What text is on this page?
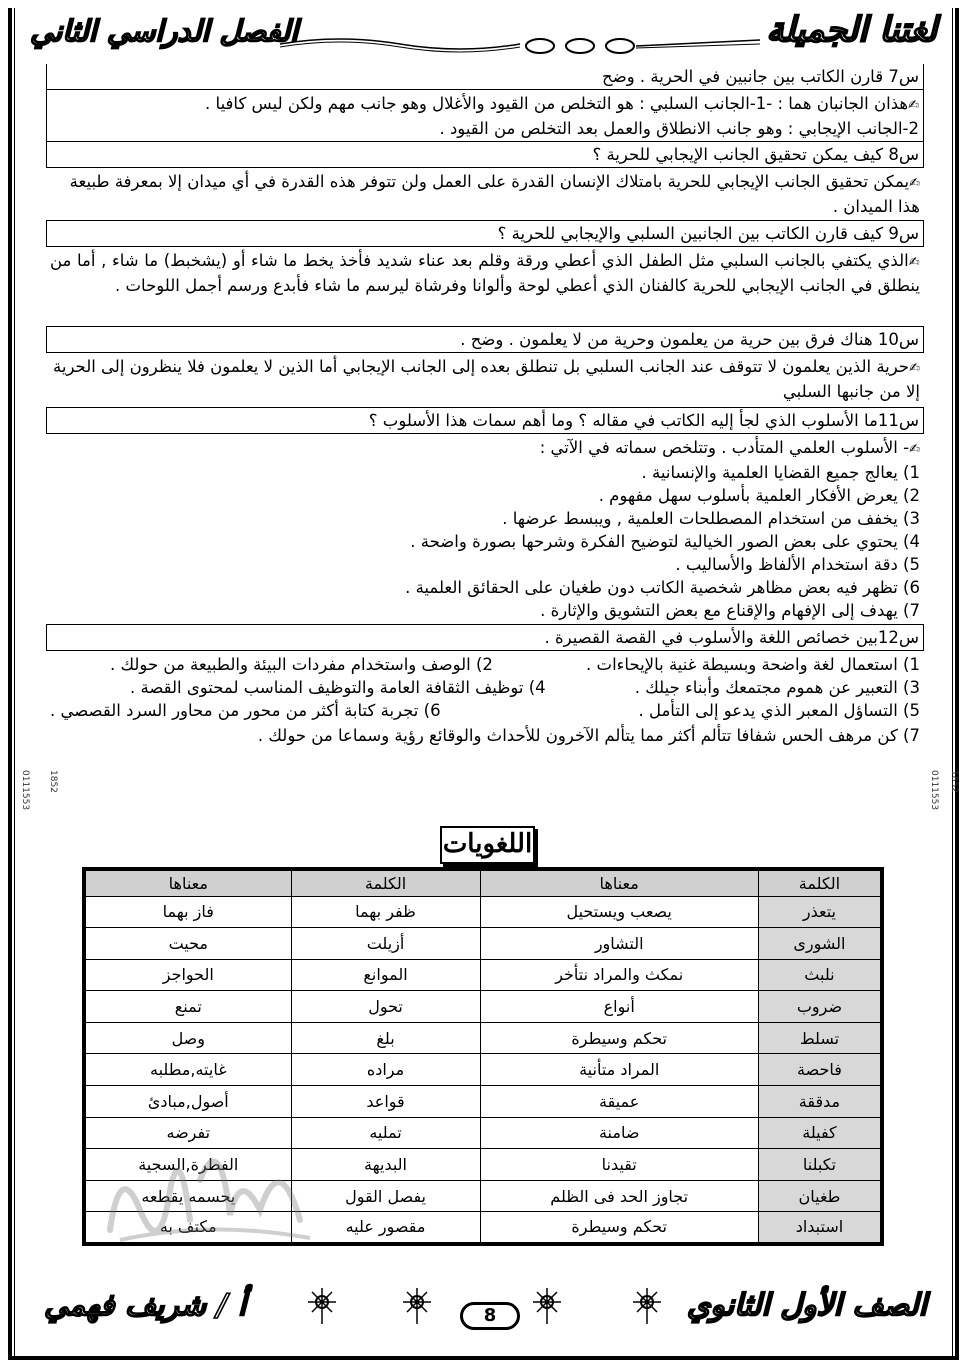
لغتنا الجميلة
الفصل الدراسي الثاني
0111553 1852	0111553 1852
س7 قارن الكاتب بين جانبين في الحرية . وضح

✍هذان الجانبان هما : -1-الجانب السلبي : هو التخلص من القيود والأغلال وهو جانب مهم ولكن ليس كافيا .

2-الجانب الإيجابي : وهو جانب الانطلاق والعمل بعد التخلص من القيود .

س8 كيف يمكن تحقيق الجانب الإيجابي للحرية ؟

✍يمكن تحقيق الجانب الإيجابي للحرية بامتلاك الإنسان القدرة على العمل ولن تتوفر هذه القدرة في أي ميدان إلا بمعرفة طبيعة هذا الميدان .

س9 كيف قارن الكاتب بين الجانبين السلبي والإيجابي للحرية ؟

✍الذي يكتفي بالجانب السلبي مثل الطفل الذي أعطي ورقة وقلم بعد عناء شديد فأخذ يخط ما شاء أو (يشخبط) ما شاء , أما من ينطلق في الجانب الإيجابي للحرية كالفنان الذي أعطي لوحة وألوانا وفرشاة ليرسم ما شاء فأبدع ورسم أجمل اللوحات .

س10 هناك فرق بين حرية من يعلمون وحرية من لا يعلمون . وضح .

✍حرية الذين يعلمون لا تتوقف عند الجانب السلبي بل تنطلق بعده إلى الجانب الإيجابي أما الذين لا يعلمون فلا ينظرون إلى الحرية إلا من جانبها السلبي

س11ما الأسلوب الذي لجأ إليه الكاتب في مقاله ؟ وما أهم سمات هذا الأسلوب ؟

✍- الأسلوب العلمي المتأدب . وتتلخص سماته في الآتي :

1) يعالج جميع القضايا العلمية والإنسانية .

2) يعرض الأفكار العلمية بأسلوب سهل مفهوم .

3) يخفف من استخدام المصطلحات العلمية , ويبسط عرضها .

4) يحتوي على بعض الصور الخيالية لتوضيح الفكرة وشرحها بصورة واضحة .

5) دقة استخدام الألفاظ والأساليب .

6) تظهر فيه بعض مظاهر شخصية الكاتب دون طغيان على الحقائق العلمية .

7) يهدف إلى الإفهام والإقناع مع بعض التشويق والإثارة .

س12بين خصائص اللغة والأسلوب في القصة القصيرة .
1) استعمال لغة واضحة وبسيطة غنية بالإيحاءات .
2) الوصف واستخدام مفردات البيئة والطبيعة من حولك .
3) التعبير عن هموم مجتمعك وأبناء جيلك .
4) توظيف الثقافة العامة والتوظيف المناسب لمحتوى القصة .
5) التساؤل المعبر الذي يدعو إلى التأمل .
6) تجربة كتابة أكثر من محور من محاور السرد القصصي .

7) كن مرهف الحس شفافا تتألم أكثر مما يتألم الآخرون للأحداث والوقائع رؤية وسماعا من حولك .

اللغويات
الكلمة	معناها	الكلمة	معناها
يتعذر	يصعب ويستحيل	ظفر بهما	فاز بهما
الشورى	التشاور	أزيلت	محيت
نلبث	نمكث والمراد نتأخر	الموانع	الحواجز
ضروب	أنواع	تحول	تمنع
تسلط	تحكم وسيطرة	بلغ	وصل
فاحصة	المراد متأنية	مراده	غايته,مطلبه
مدققة	عميقة	قواعد	أصول,مبادئ
كفيلة	ضامنة	تمليه	تفرضه
تكبلنا	تقيدنا	البديهة	الفطرة,السجية
طغيان	تجاوز الحد فى الظلم	يفصل القول	يحسمه يقطعه
استبداد	تحكم وسيطرة	مقصور عليه	مكتف به
الصف الأول الثانوي
8
أ / شريف فهمي
